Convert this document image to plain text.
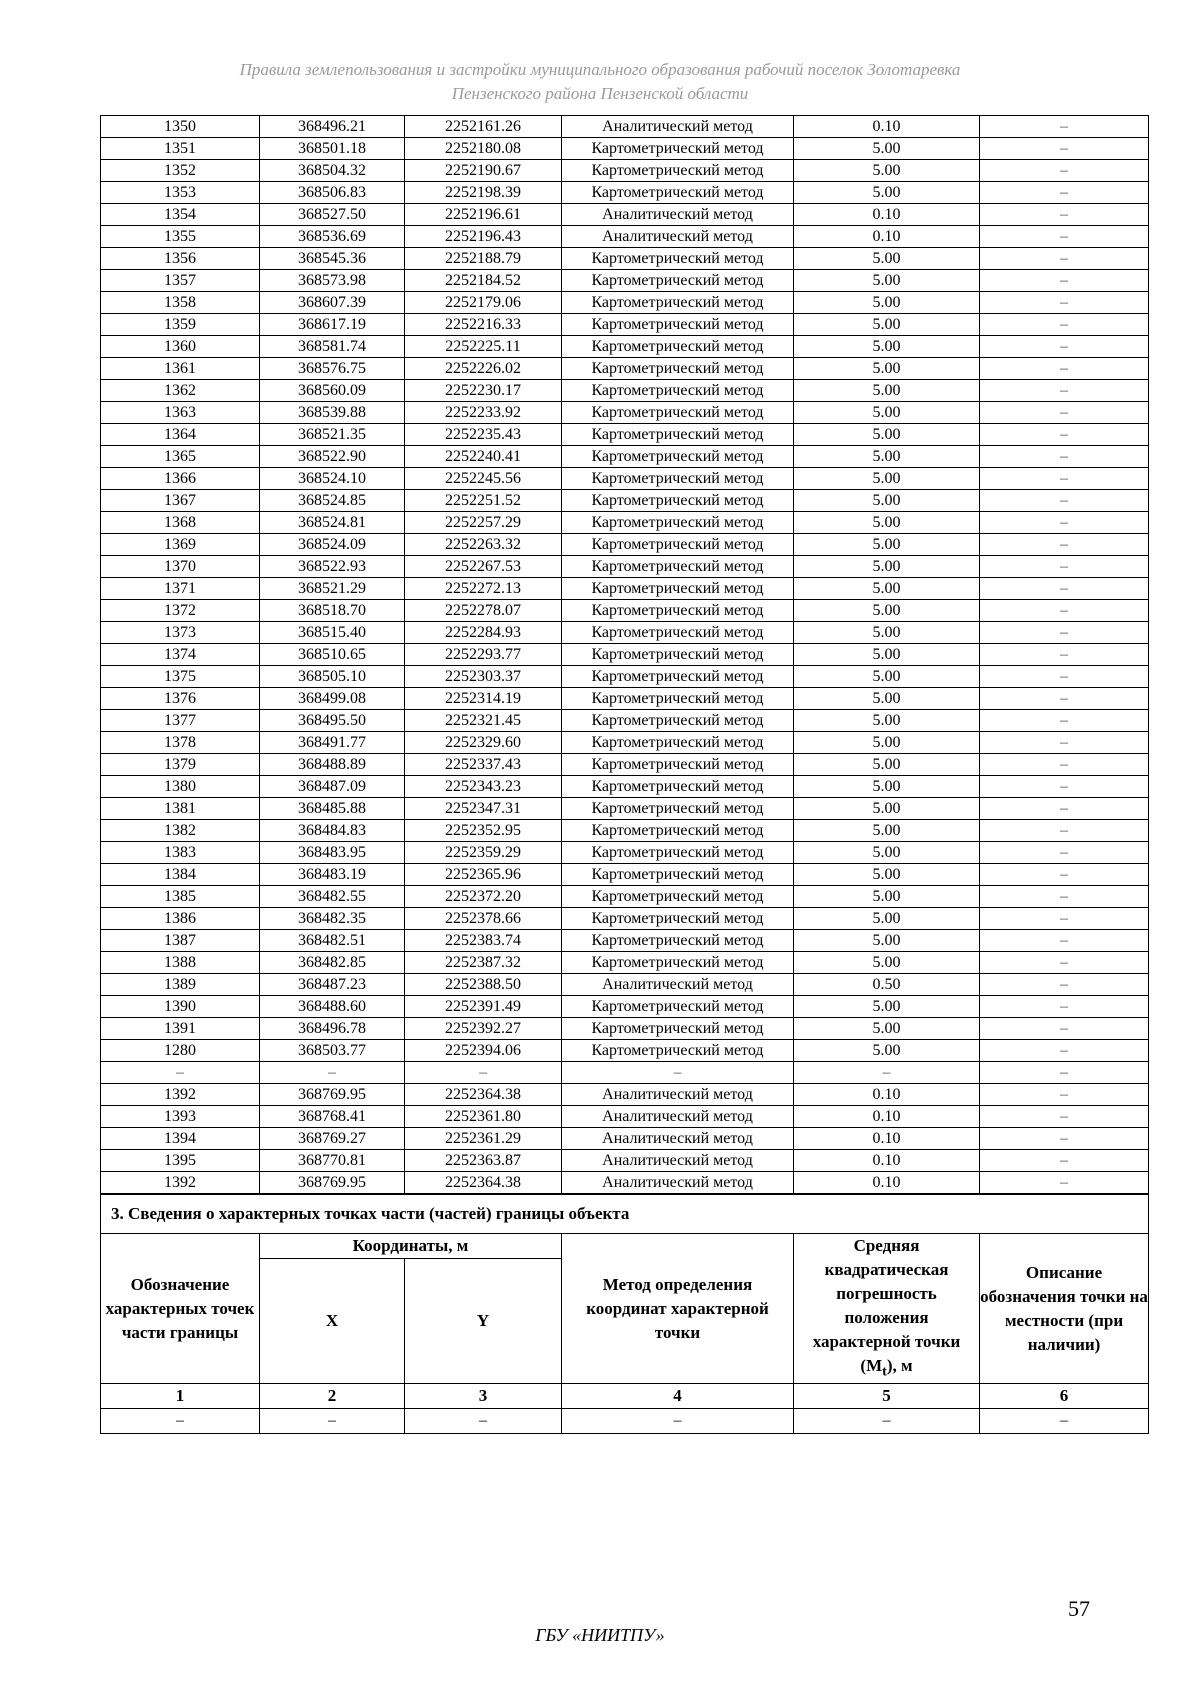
Правила землепользования и застройки муниципального образования рабочий поселок Золотаревка
Пензенского района Пензенской области
1350	368496.21	2252161.26	Аналитический метод	0.10	–
1351	368501.18	2252180.08	Картометрический метод	5.00	–
1352	368504.32	2252190.67	Картометрический метод	5.00	–
1353	368506.83	2252198.39	Картометрический метод	5.00	–
1354	368527.50	2252196.61	Аналитический метод	0.10	–
1355	368536.69	2252196.43	Аналитический метод	0.10	–
1356	368545.36	2252188.79	Картометрический метод	5.00	–
1357	368573.98	2252184.52	Картометрический метод	5.00	–
1358	368607.39	2252179.06	Картометрический метод	5.00	–
1359	368617.19	2252216.33	Картометрический метод	5.00	–
1360	368581.74	2252225.11	Картометрический метод	5.00	–
1361	368576.75	2252226.02	Картометрический метод	5.00	–
1362	368560.09	2252230.17	Картометрический метод	5.00	–
1363	368539.88	2252233.92	Картометрический метод	5.00	–
1364	368521.35	2252235.43	Картометрический метод	5.00	–
1365	368522.90	2252240.41	Картометрический метод	5.00	–
1366	368524.10	2252245.56	Картометрический метод	5.00	–
1367	368524.85	2252251.52	Картометрический метод	5.00	–
1368	368524.81	2252257.29	Картометрический метод	5.00	–
1369	368524.09	2252263.32	Картометрический метод	5.00	–
1370	368522.93	2252267.53	Картометрический метод	5.00	–
1371	368521.29	2252272.13	Картометрический метод	5.00	–
1372	368518.70	2252278.07	Картометрический метод	5.00	–
1373	368515.40	2252284.93	Картометрический метод	5.00	–
1374	368510.65	2252293.77	Картометрический метод	5.00	–
1375	368505.10	2252303.37	Картометрический метод	5.00	–
1376	368499.08	2252314.19	Картометрический метод	5.00	–
1377	368495.50	2252321.45	Картометрический метод	5.00	–
1378	368491.77	2252329.60	Картометрический метод	5.00	–
1379	368488.89	2252337.43	Картометрический метод	5.00	–
1380	368487.09	2252343.23	Картометрический метод	5.00	–
1381	368485.88	2252347.31	Картометрический метод	5.00	–
1382	368484.83	2252352.95	Картометрический метод	5.00	–
1383	368483.95	2252359.29	Картометрический метод	5.00	–
1384	368483.19	2252365.96	Картометрический метод	5.00	–
1385	368482.55	2252372.20	Картометрический метод	5.00	–
1386	368482.35	2252378.66	Картометрический метод	5.00	–
1387	368482.51	2252383.74	Картометрический метод	5.00	–
1388	368482.85	2252387.32	Картометрический метод	5.00	–
1389	368487.23	2252388.50	Аналитический метод	0.50	–
1390	368488.60	2252391.49	Картометрический метод	5.00	–
1391	368496.78	2252392.27	Картометрический метод	5.00	–
1280	368503.77	2252394.06	Картометрический метод	5.00	–
–	–	–	–	–	–
1392	368769.95	2252364.38	Аналитический метод	0.10	–
1393	368768.41	2252361.80	Аналитический метод	0.10	–
1394	368769.27	2252361.29	Аналитический метод	0.10	–
1395	368770.81	2252363.87	Аналитический метод	0.10	–
1392	368769.95	2252364.38	Аналитический метод	0.10	–
3. Сведения о характерных точках части (частей) границы объекта					
Обозначение характерных точек части границы	Координаты, м		Метод определения координат характерной точки	Средняя квадратическая погрешность положения характерной точки $(M_t)$, м	Описание обозначения точки на местности (при наличии)
	X	Y			
1	2	3	4	5	6
–	–	–	–	–	–
57
ГБУ «НИИТПУ»
